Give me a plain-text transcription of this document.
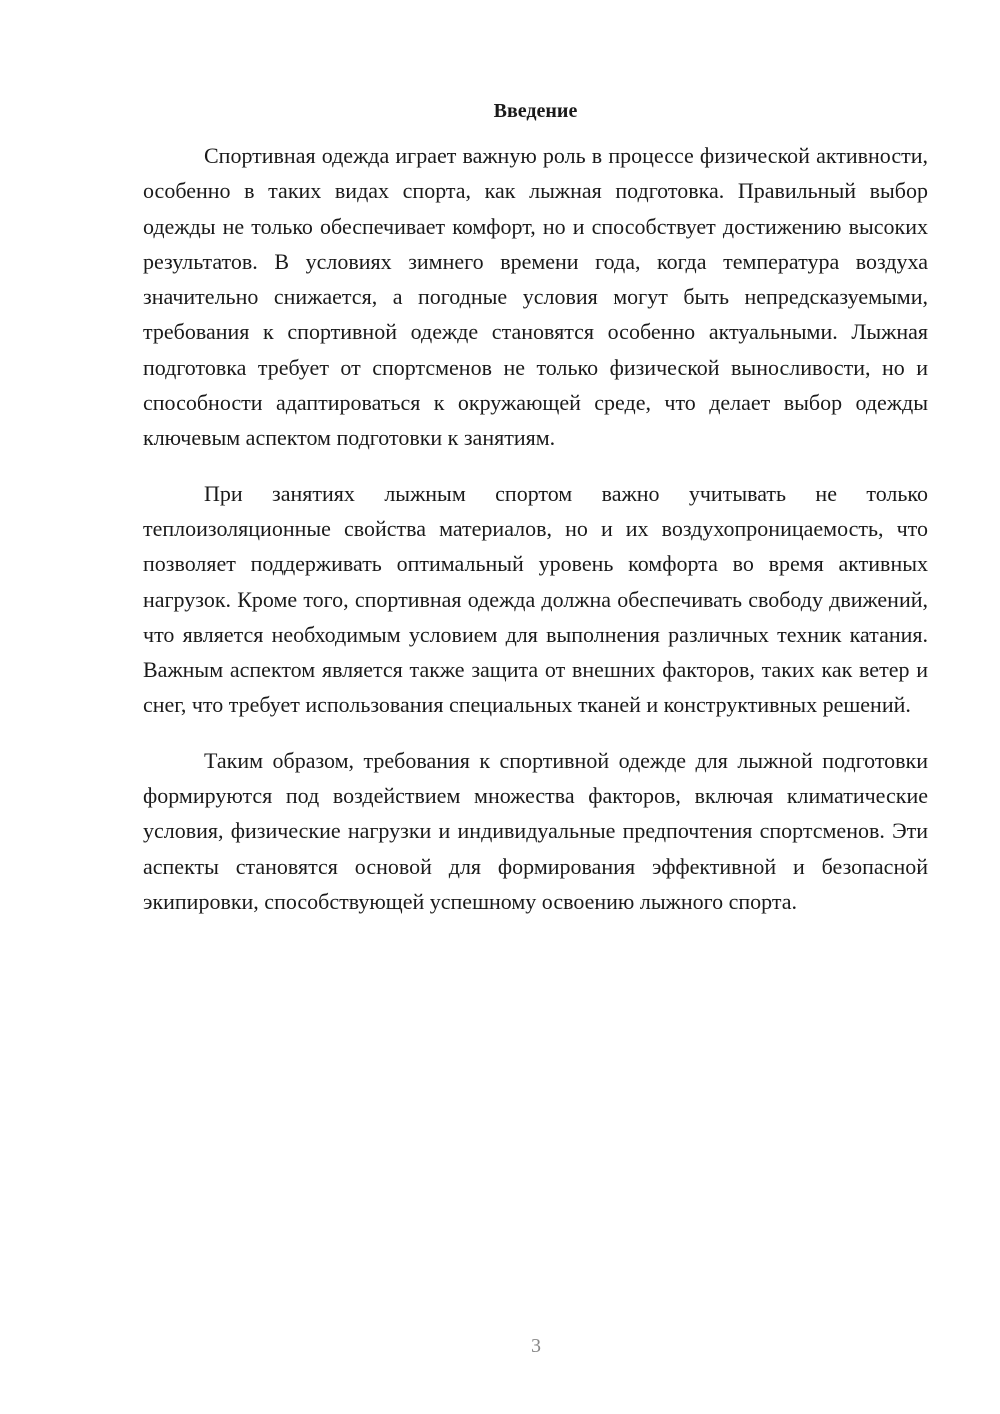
Введение

Спортивная одежда играет важную роль в процессе физической активности, особенно в таких видах спорта, как лыжная подготовка. Правильный выбор одежды не только обеспечивает комфорт, но и способствует достижению высоких результатов. В условиях зимнего времени года, когда температура воздуха значительно снижается, а погодные условия могут быть непредсказуемыми, требования к спортивной одежде становятся особенно актуальными. Лыжная подготовка требует от спортсменов не только физической выносливости, но и способности адаптироваться к окружающей среде, что делает выбор одежды ключевым аспектом подготовки к занятиям.

При занятиях лыжным спортом важно учитывать не только теплоизоляционные свойства материалов, но и их воздухопроницаемость, что позволяет поддерживать оптимальный уровень комфорта во время активных нагрузок. Кроме того, спортивная одежда должна обеспечивать свободу движений, что является необходимым условием для выполнения различных техник катания. Важным аспектом является также защита от внешних факторов, таких как ветер и снег, что требует использования специальных тканей и конструктивных решений.

Таким образом, требования к спортивной одежде для лыжной подготовки формируются под воздействием множества факторов, включая климатические условия, физические нагрузки и индивидуальные предпочтения спортсменов. Эти аспекты становятся основой для формирования эффективной и безопасной экипировки, способствующей успешному освоению лыжного спорта.

3
